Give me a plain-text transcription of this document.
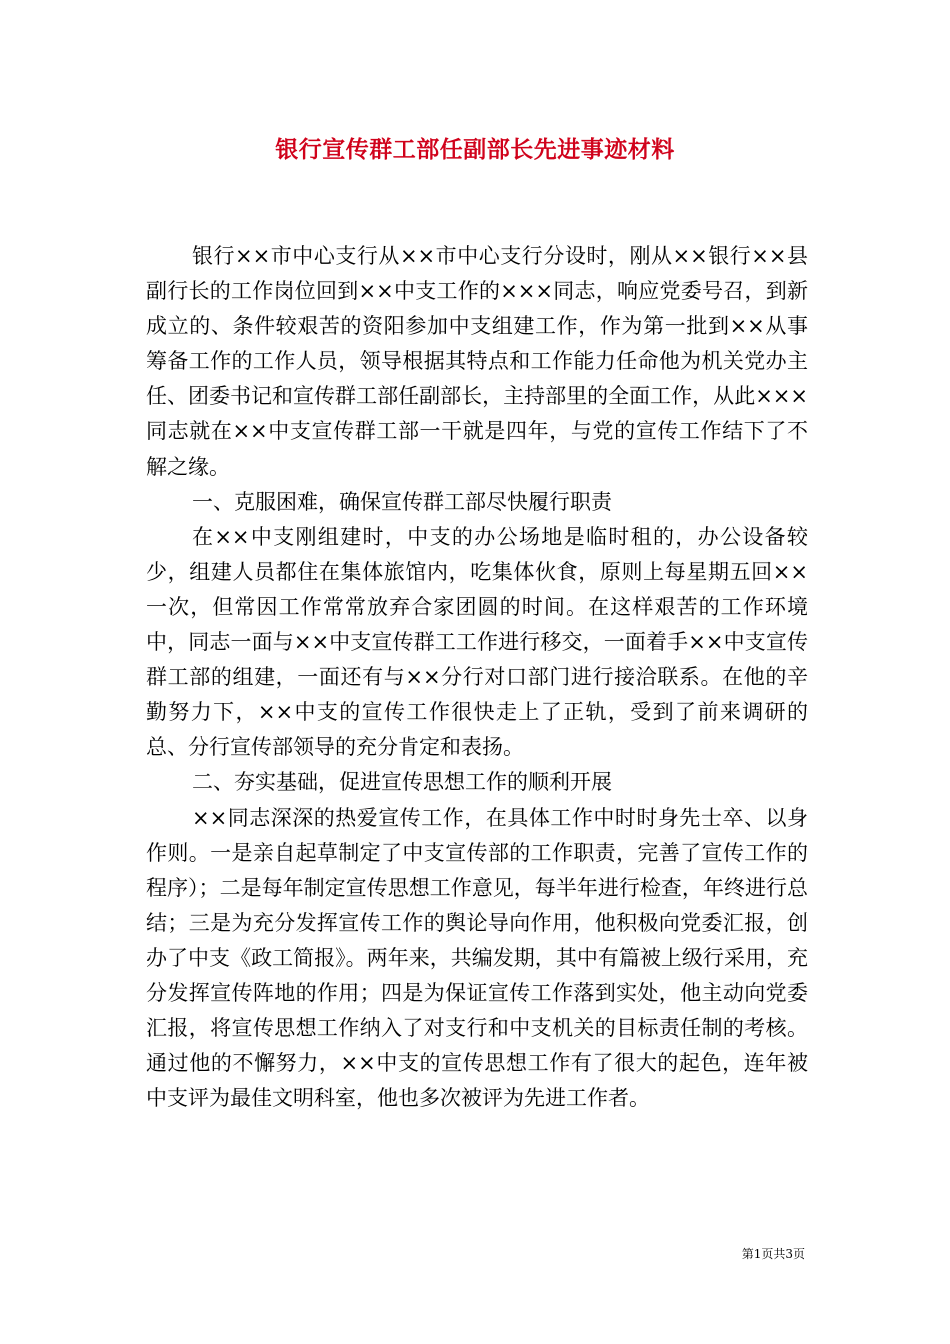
银行宣传群工部任副部长先进事迹材料

银行××市中心支行从××市中心支行分设时，刚从××银行××县副行长的工作岗位回到××中支工作的×××同志，响应党委号召，到新成立的、条件较艰苦的资阳参加中支组建工作，作为第一批到××从事筹备工作的工作人员，领导根据其特点和工作能力任命他为机关党办主任、团委书记和宣传群工部任副部长，主持部里的全面工作，从此×××同志就在××中支宣传群工部一干就是四年，与党的宣传工作结下了不解之缘。

一、克服困难，确保宣传群工部尽快履行职责

在××中支刚组建时，中支的办公场地是临时租的，办公设备较少，组建人员都住在集体旅馆内，吃集体伙食，原则上每星期五回××一次，但常因工作常常放弃合家团圆的时间。在这样艰苦的工作环境中，同志一面与××中支宣传群工工作进行移交，一面着手××中支宣传群工部的组建，一面还有与××分行对口部门进行接洽联系。在他的辛勤努力下，××中支的宣传工作很快走上了正轨，受到了前来调研的总、分行宣传部领导的充分肯定和表扬。

二、夯实基础，促进宣传思想工作的顺利开展

××同志深深的热爱宣传工作，在具体工作中时时身先士卒、以身作则。一是亲自起草制定了中支宣传部的工作职责，完善了宣传工作的程序）；二是每年制定宣传思想工作意见，每半年进行检查，年终进行总结；三是为充分发挥宣传工作的舆论导向作用，他积极向党委汇报，创办了中支《政工简报》。两年来，共编发期，其中有篇被上级行采用，充分发挥宣传阵地的作用；四是为保证宣传工作落到实处，他主动向党委汇报，将宣传思想工作纳入了对支行和中支机关的目标责任制的考核。通过他的不懈努力，××中支的宣传思想工作有了很大的起色，连年被中支评为最佳文明科室，他也多次被评为先进工作者。

第1页共3页
